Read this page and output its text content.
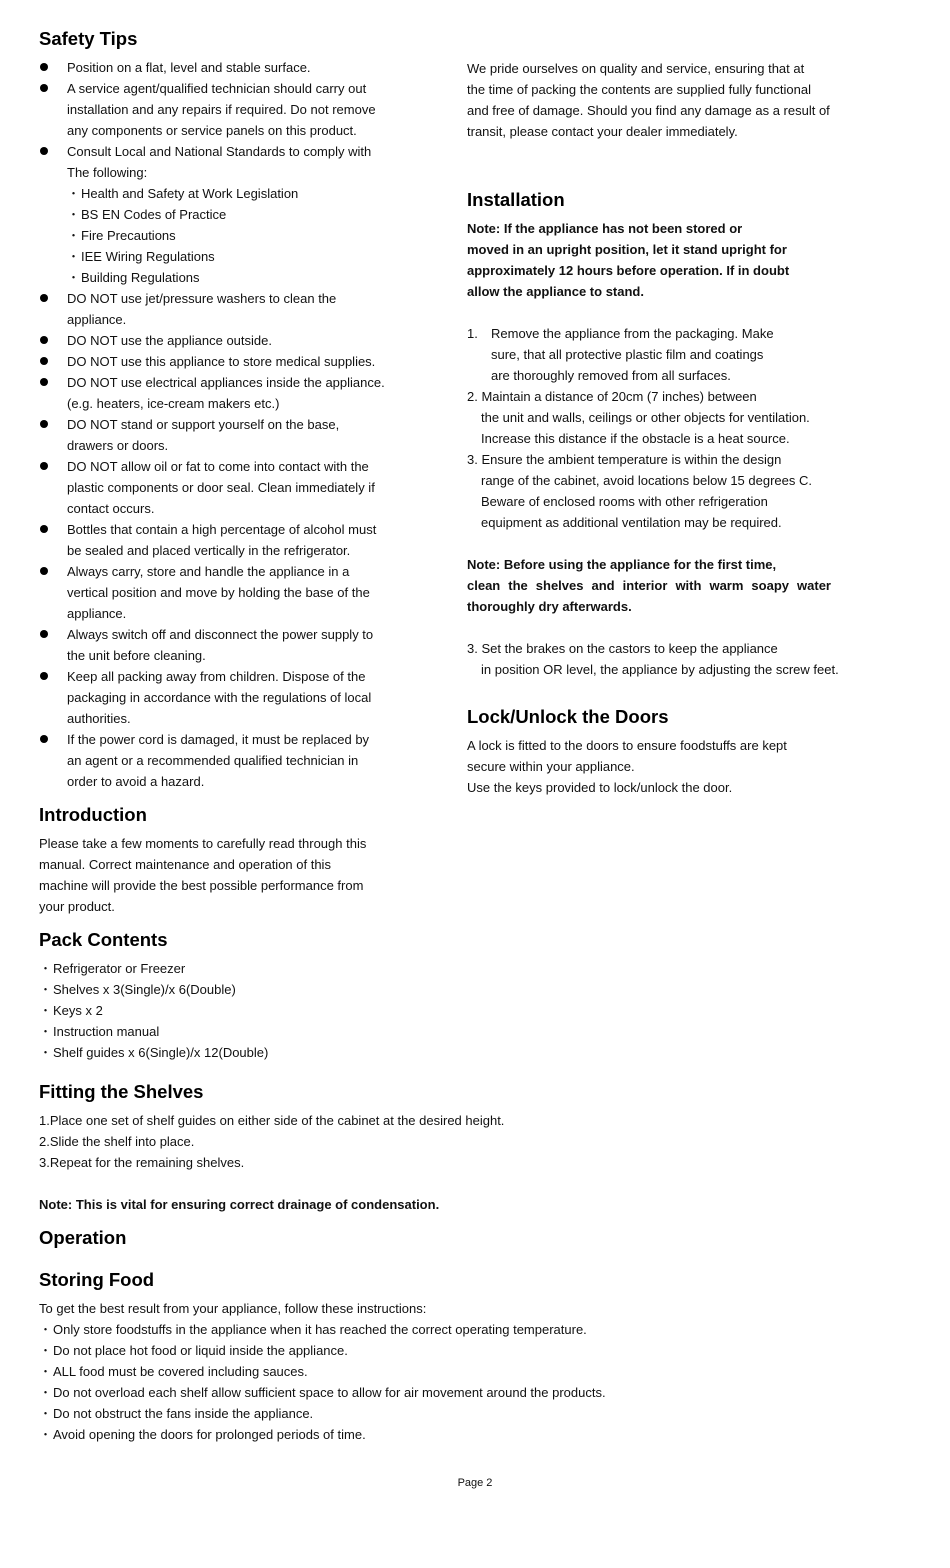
Safety Tips
Position on a flat, level and stable surface.
A service agent/qualified technician should carry out
installation and any repairs if required. Do not remove
any components or service panels on this product.
Consult Local and National Standards to comply with
The following:
・ Health and Safety at Work Legislation
・ BS EN Codes of Practice
・ Fire Precautions
・ IEE Wiring Regulations
・ Building Regulations
DO NOT use jet/pressure washers to clean the
appliance.
DO NOT use the appliance outside.
DO NOT use this appliance to store medical supplies.
DO NOT use electrical appliances inside the appliance.
(e.g. heaters, ice-cream makers etc.)
DO NOT stand or support yourself on the base,
drawers or doors.
DO NOT allow oil or fat to come into contact with the
plastic components or door seal. Clean immediately if
contact occurs.
Bottles that contain a high percentage of alcohol must
be sealed and placed vertically in the refrigerator.
Always carry, store and handle the appliance in a
vertical position and move by holding the base of the
appliance.
Always switch off and disconnect the power supply to
the unit before cleaning.
Keep all packing away from children. Dispose of the
packaging in accordance with the regulations of local
authorities.
If the power cord is damaged, it must be replaced by
an agent or a recommended qualified technician in
order to avoid a hazard.
Introduction
Please take a few moments to carefully read through this
manual. Correct maintenance and operation of this
machine will provide the best possible performance from
your product.
Pack Contents
・ Refrigerator or Freezer
・ Shelves x 3(Single)/x 6(Double)
・ Keys x 2
・ Instruction manual
・ Shelf guides x 6(Single)/x 12(Double)
Fitting the Shelves
1.Place one set of shelf guides on either side of the cabinet at the desired height.
2.Slide the shelf into place.
3.Repeat for the remaining shelves.
Note: This is vital for ensuring correct drainage of condensation.
Operation
Storing Food
To get the best result from your appliance, follow these instructions:
・ Only store foodstuffs in the appliance when it has reached the correct operating temperature.
・ Do not place hot food or liquid inside the appliance.
・ ALL food must be covered including sauces.
・ Do not overload each shelf allow sufficient space to allow for air movement around the products.
・ Do not obstruct the fans inside the appliance.
・ Avoid opening the doors for prolonged periods of time.
We pride ourselves on quality and service, ensuring that at
the time of packing the contents are supplied fully functional
and free of damage. Should you find any damage as a result of
transit, please contact your dealer immediately.
Installation
Note: If the appliance has not been stored or
moved in an upright position, let it stand upright for
approximately 12 hours before operation. If in doubt
allow the appliance to stand.
1. Remove the appliance from the packaging. Make
sure, that all protective plastic film and coatings
are thoroughly removed from all surfaces.
2. Maintain a distance of 20cm (7 inches) between
the unit and walls, ceilings or other objects for ventilation.
Increase this distance if the obstacle is a heat source.
3. Ensure the ambient temperature is within the design
range of the cabinet, avoid locations below 15 degrees C.
Beware of enclosed rooms with other refrigeration
equipment as additional ventilation may be required.
Note: Before using the appliance for the first time,
clean the shelves and interior with warm soapy water
thoroughly dry afterwards.
3. Set the brakes on the castors to keep the appliance
in position OR level, the appliance by adjusting the screw feet.
Lock/Unlock the Doors
A lock is fitted to the doors to ensure foodstuffs are kept
secure within your appliance.
Use the keys provided to lock/unlock the door.
Page 2
